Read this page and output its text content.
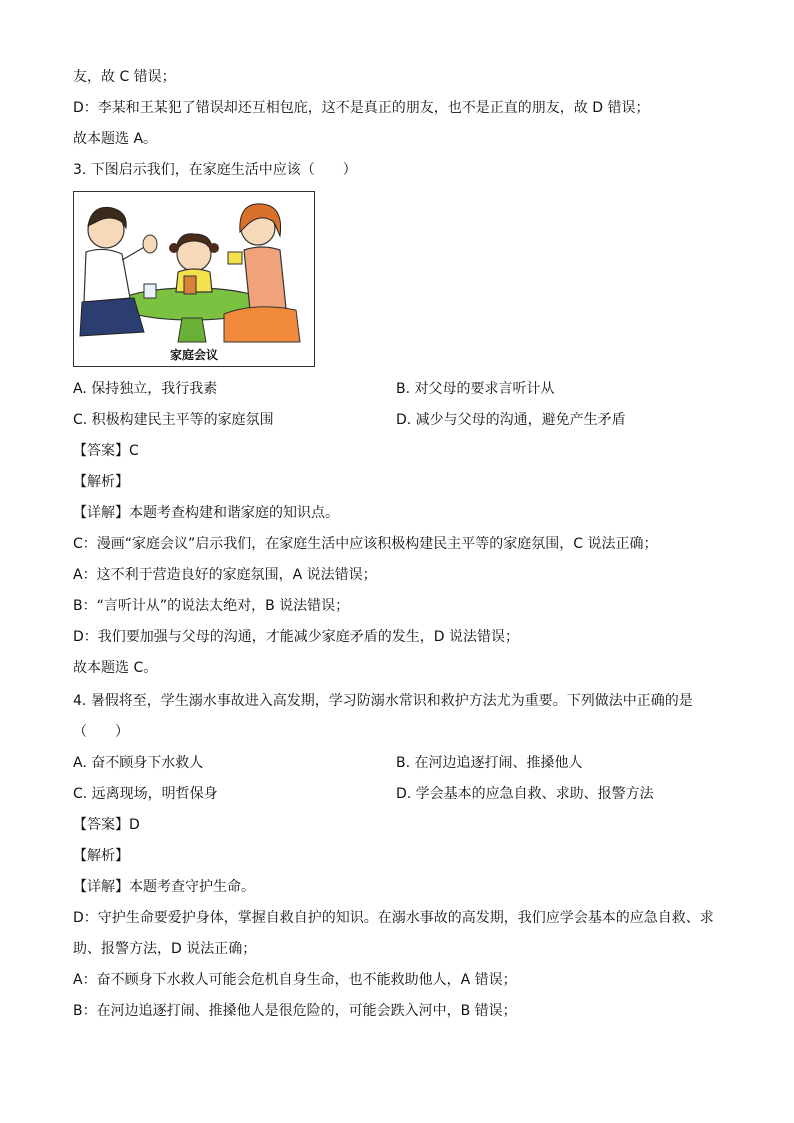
友，故 C 错误；
D：李某和王某犯了错误却还互相包庇，这不是真正的朋友，也不是正直的朋友，故 D 错误；
故本题选 A。
3. 下图启示我们，在家庭生活中应该（　　）
家庭会议
A. 保持独立，我行我素	B. 对父母的要求言听计从
C. 积极构建民主平等的家庭氛围	D. 减少与父母的沟通，避免产生矛盾
【答案】C
【解析】
【详解】本题考查构建和谐家庭的知识点。
C：漫画“家庭会议”启示我们，在家庭生活中应该积极构建民主平等的家庭氛围，C 说法正确；
A：这不利于营造良好的家庭氛围，A 说法错误；
B：“言听计从”的说法太绝对，B 说法错误；
D：我们要加强与父母的沟通，才能减少家庭矛盾的发生，D 说法错误；
故本题选 C。
4. 暑假将至，学生溺水事故进入高发期，学习防溺水常识和救护方法尤为重要。下列做法中正确的是
（　　）
A. 奋不顾身下水救人	B. 在河边追逐打闹、推搡他人
C. 远离现场，明哲保身	D. 学会基本的应急自救、求助、报警方法
【答案】D
【解析】
【详解】本题考查守护生命。
D：守护生命要爱护身体，掌握自救自护的知识。在溺水事故的高发期，我们应学会基本的应急自救、求
助、报警方法，D 说法正确；
A：奋不顾身下水救人可能会危机自身生命，也不能救助他人，A 错误；
B：在河边追逐打闹、推搡他人是很危险的，可能会跌入河中，B 错误；
